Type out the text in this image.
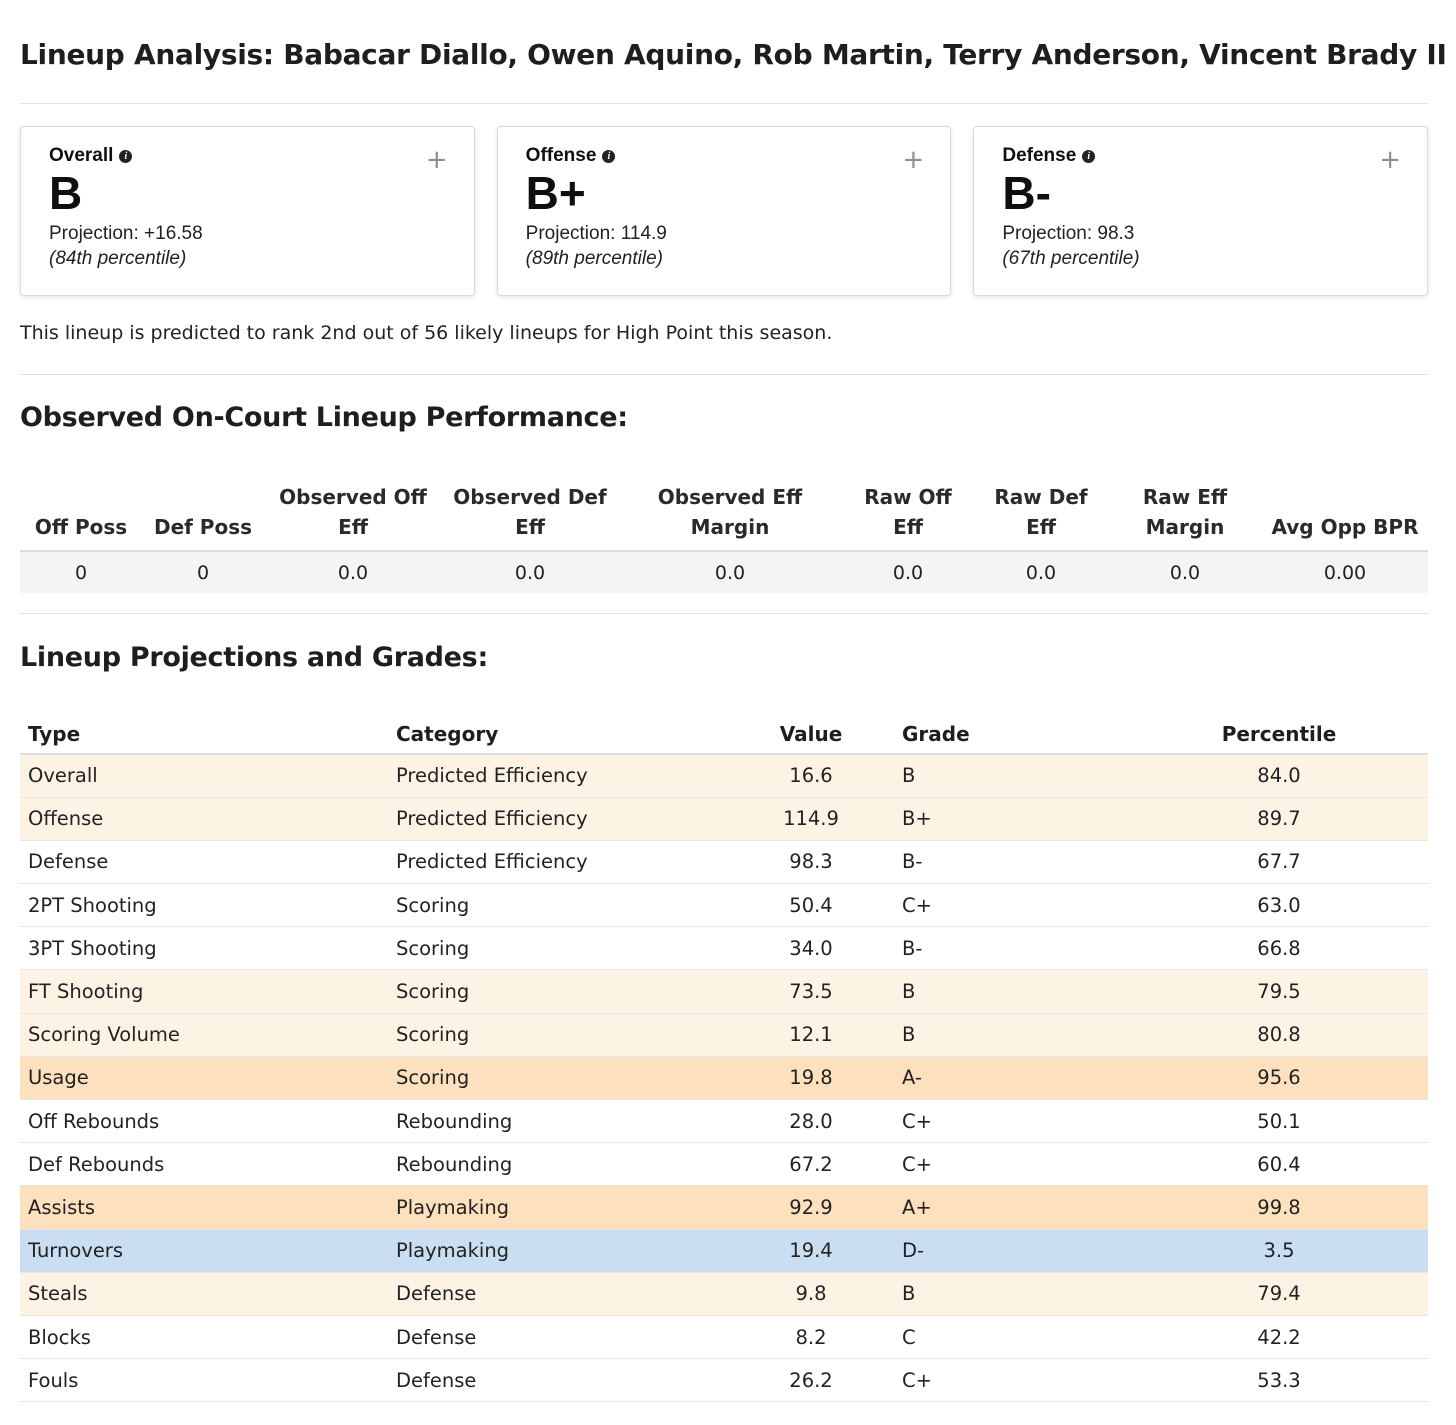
Lineup Analysis: Babacar Diallo, Owen Aquino, Rob Martin, Terry Anderson, Vincent Brady II
Overall	i
B
Projection: +16.58
(84th percentile)
+	Offense	i
B+
Projection: 114.9
(89th percentile)
+	Defense	i
B-
Projection: 98.3
(67th percentile)
+

This lineup is predicted to rank 2nd out of 56 likely lineups for High Point this season.

Observed On-Court Lineup Performance:
Off Poss	Def Poss	Observed Off Eff	Observed Def Eff	Observed Eff Margin	Raw Off Eff	Raw Def Eff	Raw Eff Margin	Avg Opp BPR
0	0	0.0	0.0	0.0	0.0	0.0	0.0	0.00
Lineup Projections and Grades:
Type	Category	Value	Grade	Percentile
Overall	Predicted Efficiency	16.6	B	84.0
Offense	Predicted Efficiency	114.9	B+	89.7
Defense	Predicted Efficiency	98.3	B-	67.7
2PT Shooting	Scoring	50.4	C+	63.0
3PT Shooting	Scoring	34.0	B-	66.8
FT Shooting	Scoring	73.5	B	79.5
Scoring Volume	Scoring	12.1	B	80.8
Usage	Scoring	19.8	A-	95.6
Off Rebounds	Rebounding	28.0	C+	50.1
Def Rebounds	Rebounding	67.2	C+	60.4
Assists	Playmaking	92.9	A+	99.8
Turnovers	Playmaking	19.4	D-	3.5
Steals	Defense	9.8	B	79.4
Blocks	Defense	8.2	C	42.2
Fouls	Defense	26.2	C+	53.3
